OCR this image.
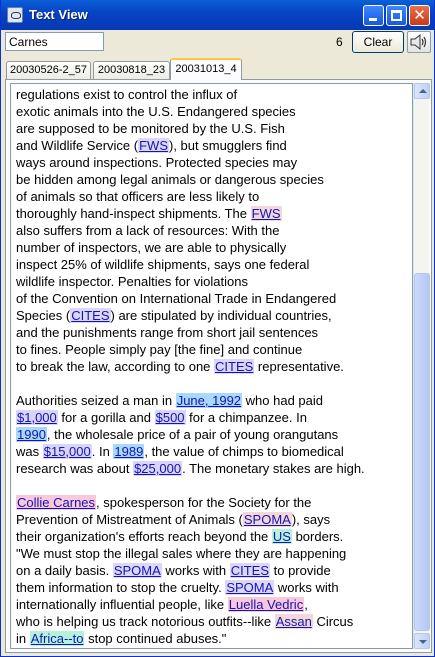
Text View	✕
Carnes
6	Clear
20030526-2_57 20030818_23 20031013_4
regulations exist to control the influx of
exotic animals into the U.S. Endangered species
are supposed to be monitored by the U.S. Fish
and Wildlife Service (FWS), but smugglers find
ways around inspections. Protected species may
be hidden among legal animals or dangerous species
of animals so that officers are less likely to
thoroughly hand-inspect shipments. The FWS
also suffers from a lack of resources: With the
number of inspectors, we are able to physically
inspect 25% of wildlife shipments, says one federal
wildlife inspector. Penalties for violations
of the Convention on International Trade in Endangered
Species (CITES) are stipulated by individual countries,
and the punishments range from short jail sentences
to fines. People simply pay [the fine] and continue
to break the law, according to one CITES representative.
Authorities seized a man in June, 1992 who had paid
$1,000 for a gorilla and $500 for a chimpanzee. In
1990, the wholesale price of a pair of young orangutans
was $15,000. In 1989, the value of chimps to biomedical
research was about $25,000. The monetary stakes are high.
Collie Carnes, spokesperson for the Society for the
Prevention of Mistreatment of Animals (SPOMA), says
their organization's efforts reach beyond the US borders.
"We must stop the illegal sales where they are happening
on a daily basis. SPOMA works with CITES to provide
them information to stop the cruelty. SPOMA works with
internationally influential people, like Luella Vedric,
who is helping us track notorious outfits--like Assan Circus
in Africa--to stop continued abuses."
